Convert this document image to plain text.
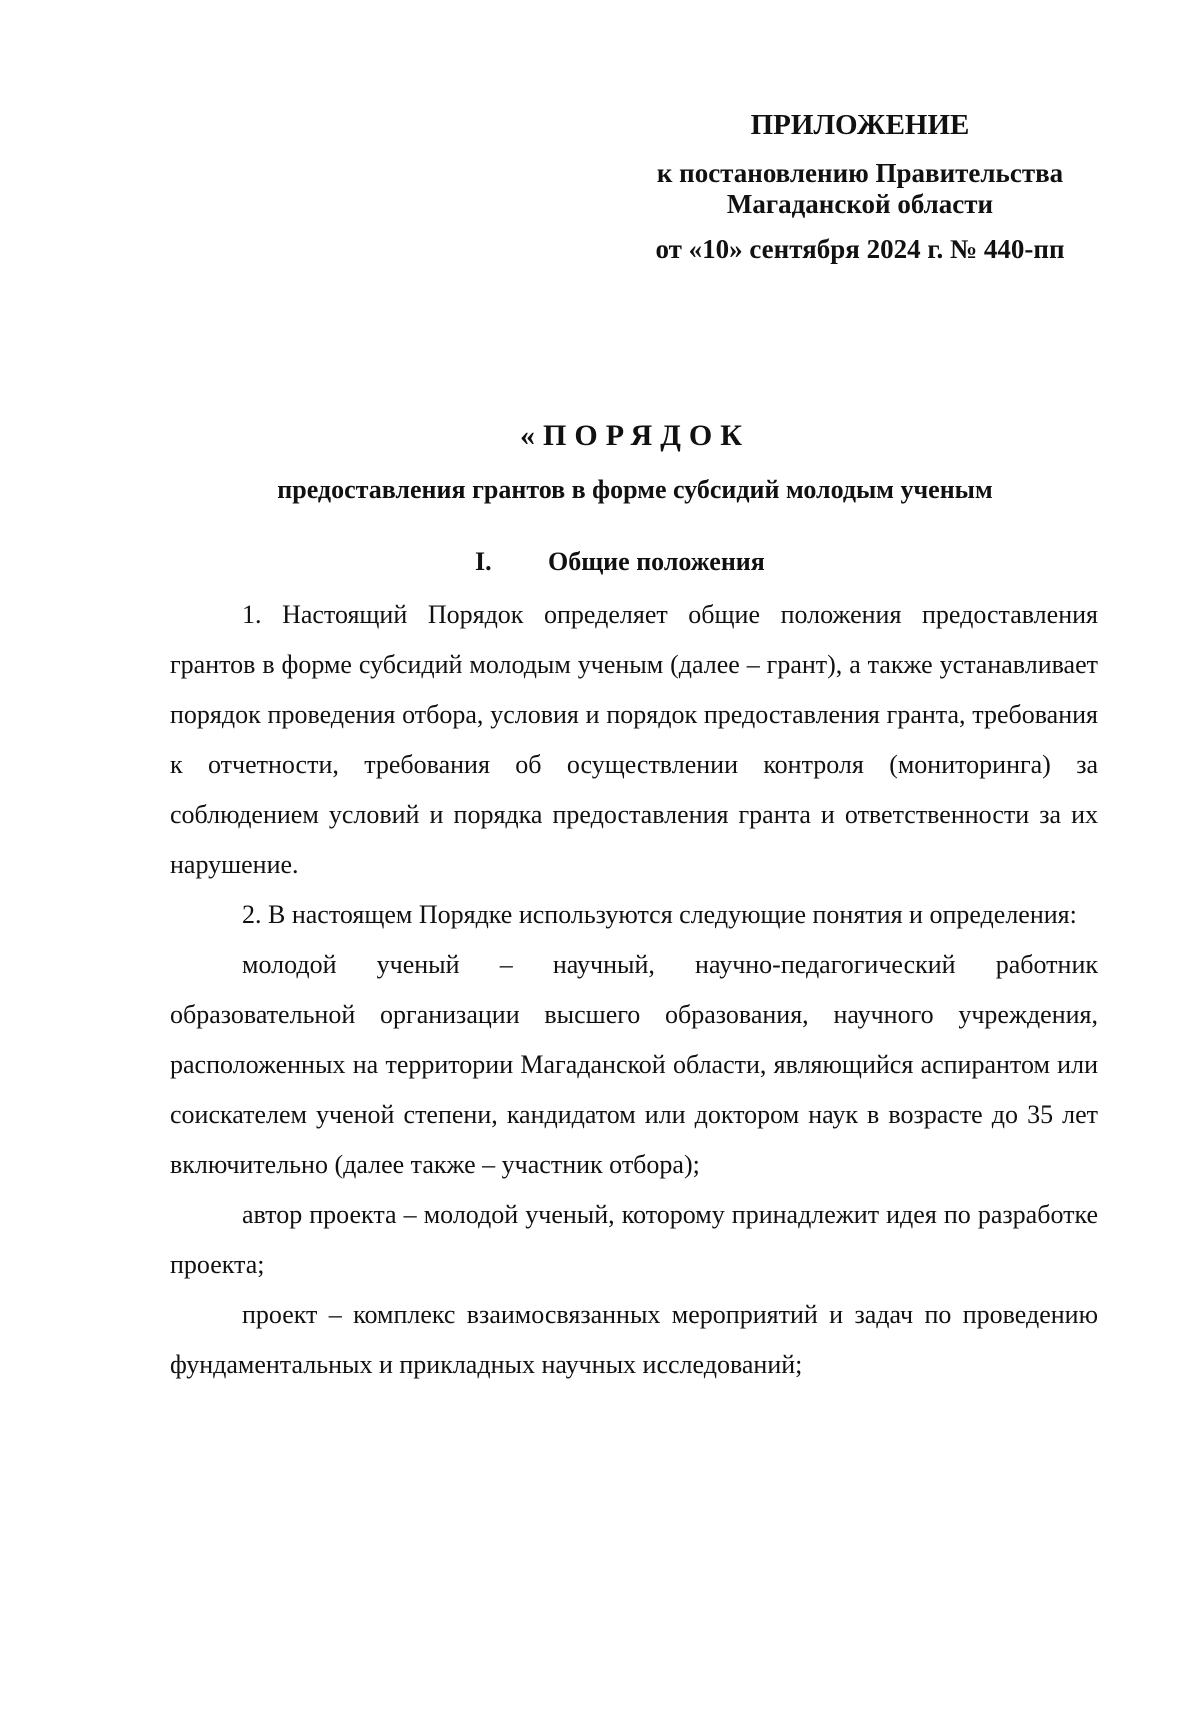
ПРИЛОЖЕНИЕ
к постановлению Правительства
Магаданской области
от «10» сентября 2024 г. № 440-пп
«ПОРЯДОК
предоставления грантов в форме субсидий молодым ученым
I. Общие положения

1. Настоящий Порядок определяет общие положения предоставления грантов в форме субсидий молодым ученым (далее – грант), а также устанавливает порядок проведения отбора, условия и порядок предоставления гранта, требования к отчетности, требования об осуществлении контроля (мониторинга) за соблюдением условий и порядка предоставления гранта и ответственности за их нарушение.

2. В настоящем Порядке используются следующие понятия и определения:

молодой ученый – научный, научно-педагогический работник образовательной организации высшего образования, научного учреждения, расположенных на территории Магаданской области, являющийся аспирантом или соискателем ученой степени, кандидатом или доктором наук в возрасте до 35 лет включительно (далее также – участник отбора);

автор проекта – молодой ученый, которому принадлежит идея по разработке проекта;

проект – комплекс взаимосвязанных мероприятий и задач по проведению фундаментальных и прикладных научных исследований;
